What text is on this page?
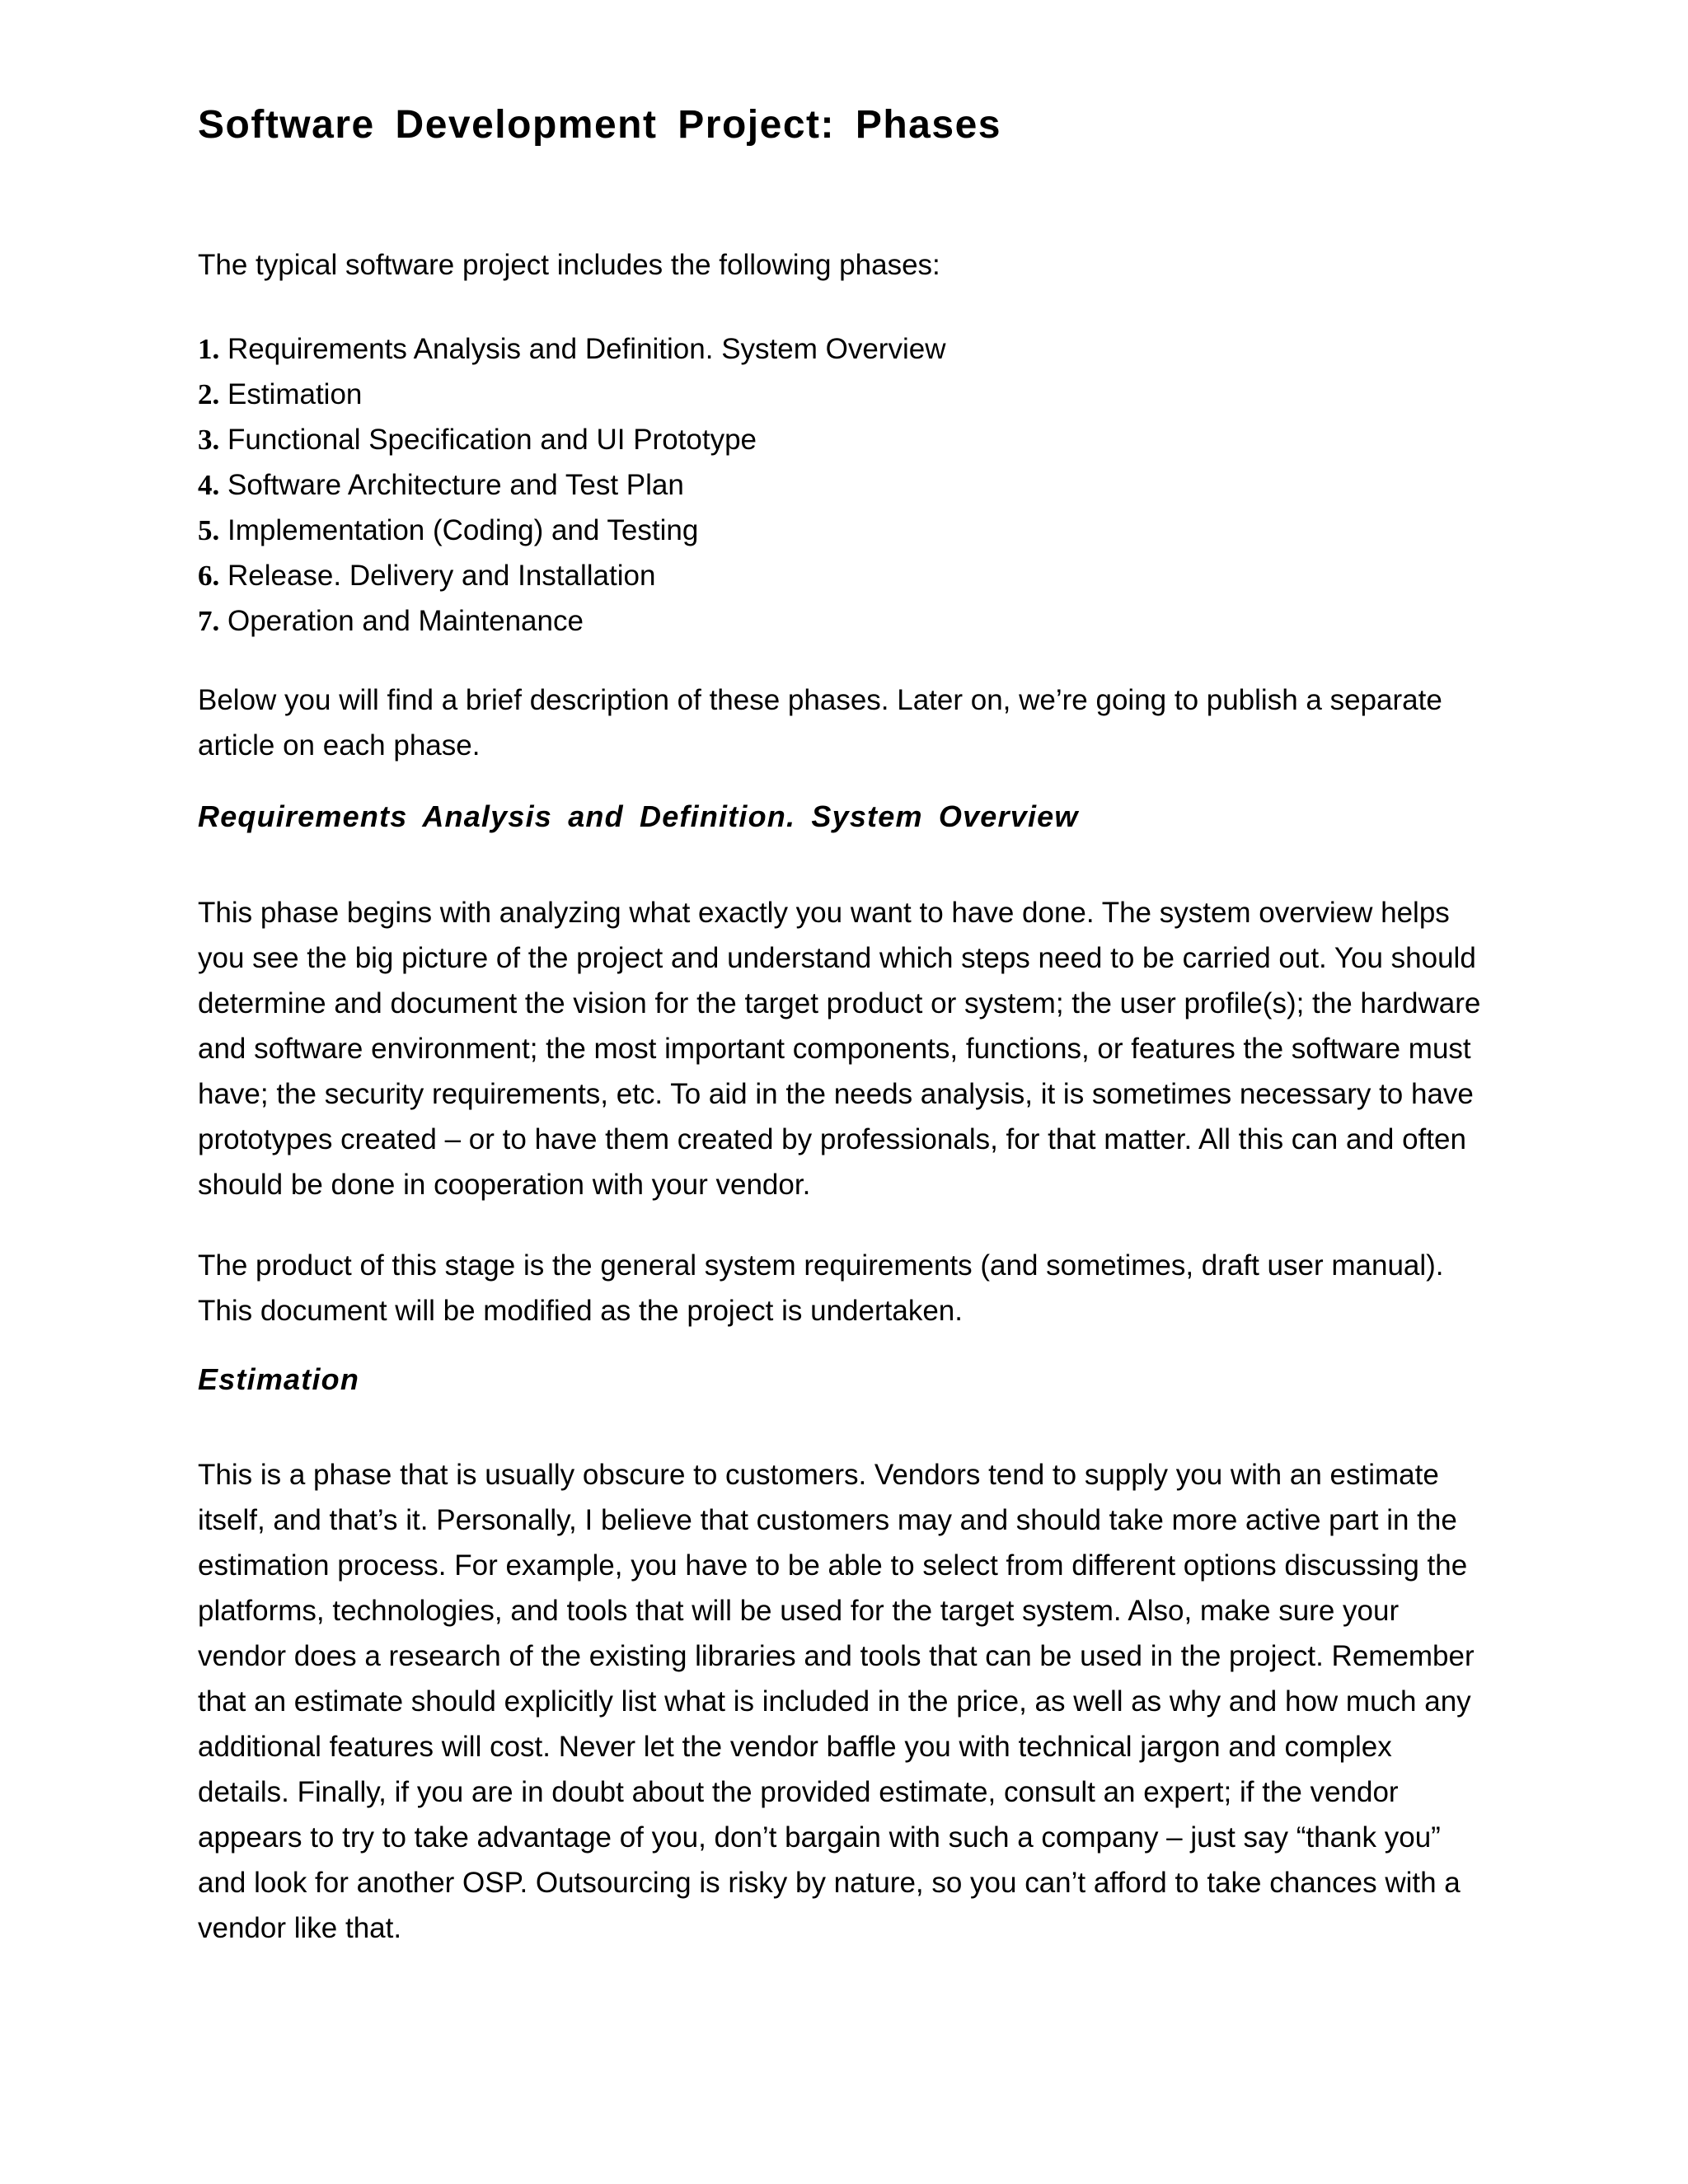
Software Development Project: Phases

The typical software project includes the following phases:

1. Requirements Analysis and Definition. System Overview
2. Estimation
3. Functional Specification and UI Prototype
4. Software Architecture and Test Plan
5. Implementation (Coding) and Testing
6. Release. Delivery and Installation
7. Operation and Maintenance

Below you will find a brief description of these phases. Later on, we’re going to publish a separate
article on each phase.

Requirements Analysis and Definition. System Overview

This phase begins with analyzing what exactly you want to have done. The system overview helps
you see the big picture of the project and understand which steps need to be carried out. You should
determine and document the vision for the target product or system; the user profile(s); the hardware
and software environment; the most important components, functions, or features the software must
have; the security requirements, etc. To aid in the needs analysis, it is sometimes necessary to have
prototypes created – or to have them created by professionals, for that matter. All this can and often
should be done in cooperation with your vendor.

The product of this stage is the general system requirements (and sometimes, draft user manual).
This document will be modified as the project is undertaken.

Estimation

This is a phase that is usually obscure to customers. Vendors tend to supply you with an estimate
itself, and that’s it. Personally, I believe that customers may and should take more active part in the
estimation process. For example, you have to be able to select from different options discussing the
platforms, technologies, and tools that will be used for the target system. Also, make sure your
vendor does a research of the existing libraries and tools that can be used in the project. Remember
that an estimate should explicitly list what is included in the price, as well as why and how much any
additional features will cost. Never let the vendor baffle you with technical jargon and complex
details. Finally, if you are in doubt about the provided estimate, consult an expert; if the vendor
appears to try to take advantage of you, don’t bargain with such a company – just say “thank you”
and look for another OSP. Outsourcing is risky by nature, so you can’t afford to take chances with a
vendor like that.
